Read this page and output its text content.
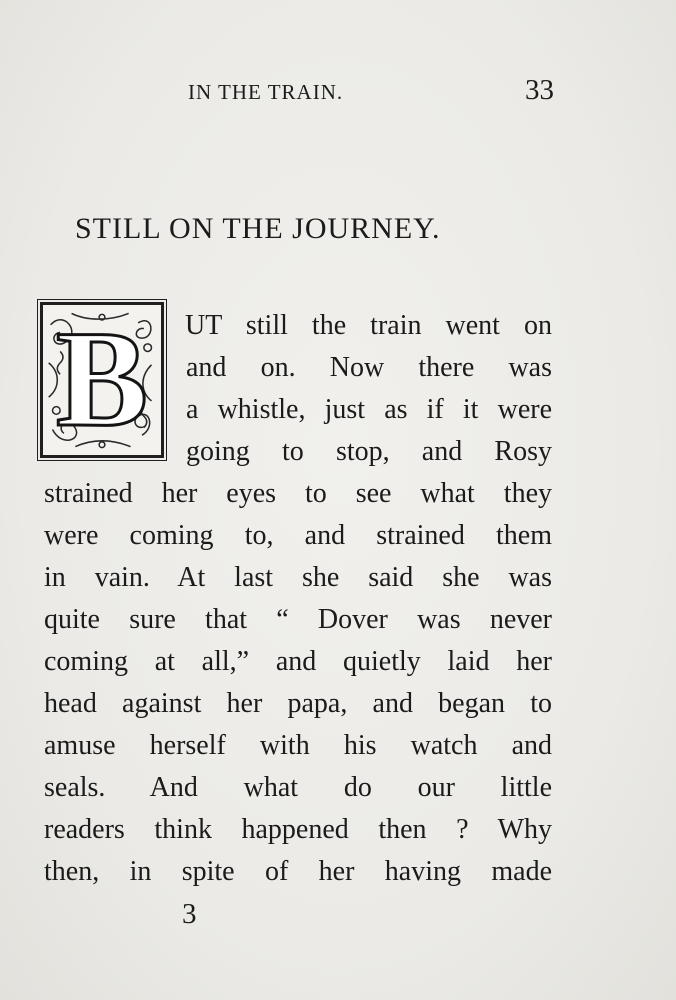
IN THE TRAIN.	33
STILL ON THE JOURNEY.
B	UT still the train went on
and on. Now there was
a whistle, just as if it were
going to stop, and Rosy
strained her eyes to see what they
were coming to, and strained them
in vain. At last she said she was
quite sure that “ Dover was never
coming at all,” and quietly laid her
head against her papa, and began to
amuse herself with his watch and
seals. And what do our little
readers think happened then ? Why
then, in spite of her having made
3
